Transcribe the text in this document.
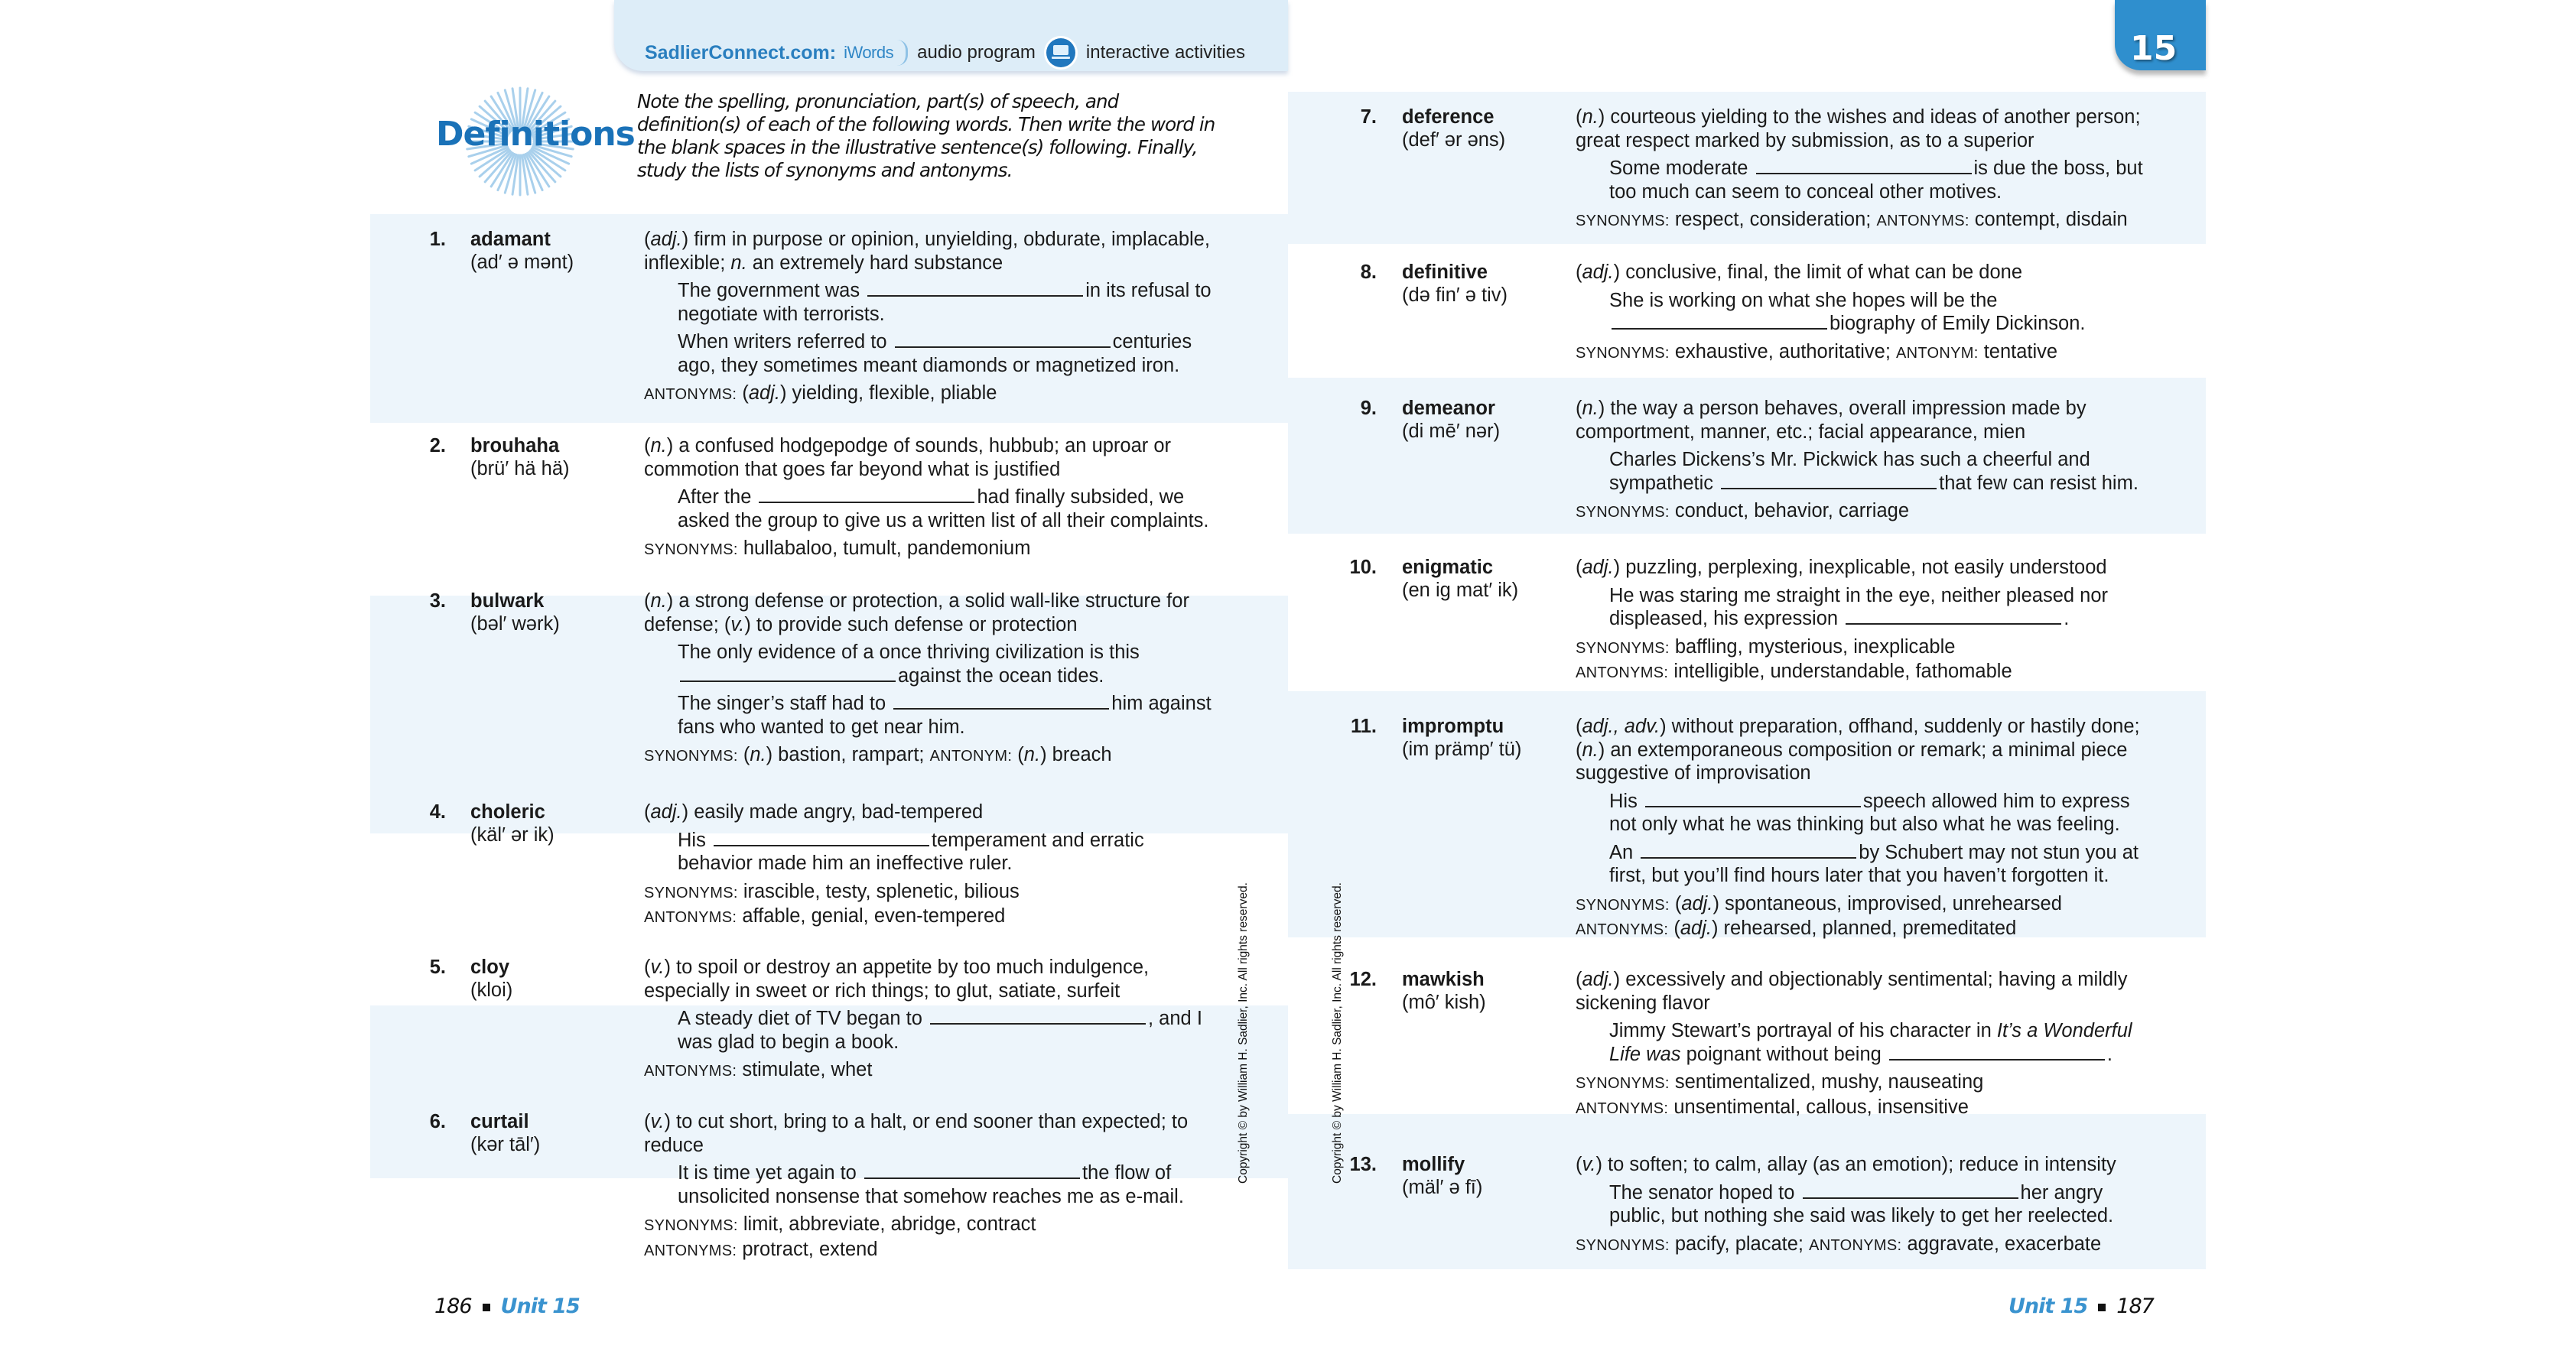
SadlierConnect.com: iWords audio program	interactive activities	15
Definitions
Note the spelling, pronunciation, part(s) of speech, and definition(s) of each of the following words. Then write the word in the blank spaces in the illustrative sentence(s) following. Finally, study the lists of synonyms and antonyms.
1. adamant
(ad′ ə mənt)
(adj.) firm in purpose or opinion, unyielding, obdurate, implacable, inflexible; n. an extremely hard substance
The government was	in its refusal to negotiate with terrorists.
When writers referred to	centuries ago, they sometimes meant diamonds or magnetized iron.
ANTONYMS: (adj.) yielding, flexible, pliable
2. brouhaha
(brü′ hä hä)
(n.) a confused hodgepodge of sounds, hubbub; an uproar or commotion that goes far beyond what is justified
After the	had finally subsided, we asked the group to give us a written list of all their complaints.
SYNONYMS: hullabaloo, tumult, pandemonium
3. bulwark
(bəl′ wərk)
(n.) a strong defense or protection, a solid wall-like structure for defense; (v.) to provide such defense or protection
The only evidence of a once thriving civilization is this against the ocean tides.
The singer’s staff had to	him against fans who wanted to get near him.
SYNONYMS: (n.) bastion, rampart; ANTONYM: (n.) breach
4. choleric
(käl′ ər ik)
(adj.) easily made angry, bad-tempered
His	temperament and erratic behavior made him an ineffective ruler.
SYNONYMS: irascible, testy, splenetic, bilious
ANTONYMS: affable, genial, even-tempered
5. cloy
(kloi)
(v.) to spoil or destroy an appetite by too much indulgence, especially in sweet or rich things; to glut, satiate, surfeit
A steady diet of TV began to	, and I was glad to begin a book.
ANTONYMS: stimulate, whet
6. curtail
(kər tāl′)
(v.) to cut short, bring to a halt, or end sooner than expected; to reduce
It is time yet again to	the flow of unsolicited nonsense that somehow reaches me as e-mail.
SYNONYMS: limit, abbreviate, abridge, contract
ANTONYMS: protract, extend
7. deference
(def′ ər əns)
(n.) courteous yielding to the wishes and ideas of another person; great respect marked by submission, as to a superior
Some moderate	is due the boss, but too much can seem to conceal other motives.
SYNONYMS: respect, consideration; ANTONYMS: contempt, disdain
8. definitive
(də fin′ ə tiv)
(adj.) conclusive, final, the limit of what can be done
She is working on what she hopes will be the biography of Emily Dickinson.
SYNONYMS: exhaustive, authoritative; ANTONYM: tentative
9. demeanor
(di mē′ nər)
(n.) the way a person behaves, overall impression made by comportment, manner, etc.; facial appearance, mien
Charles Dickens’s Mr. Pickwick has such a cheerful and sympathetic	that few can resist him.
SYNONYMS: conduct, behavior, carriage
10. enigmatic
(en ig mat′ ik)
(adj.) puzzling, perplexing, inexplicable, not easily understood
He was staring me straight in the eye, neither pleased nor displeased, his expression	.
SYNONYMS: baffling, mysterious, inexplicable
ANTONYMS: intelligible, understandable, fathomable
11. impromptu
(im prämp′ tü)
(adj., adv.) without preparation, offhand, suddenly or hastily done; (n.) an extemporaneous composition or remark; a minimal piece suggestive of improvisation
His	speech allowed him to express not only what he was thinking but also what he was feeling.
An	by Schubert may not stun you at first, but you’ll find hours later that you haven’t forgotten it.
SYNONYMS: (adj.) spontaneous, improvised, unrehearsed
ANTONYMS: (adj.) rehearsed, planned, premeditated
12. mawkish
(mô′ kish)
(adj.) excessively and objectionably sentimental; having a mildly sickening flavor
Jimmy Stewart’s portrayal of his character in It’s a Wonderful Life was poignant without being	.
SYNONYMS: sentimentalized, mushy, nauseating
ANTONYMS: unsentimental, callous, insensitive
13. mollify
(mäl′ ə fī)
(v.) to soften; to calm, allay (as an emotion); reduce in intensity
The senator hoped to	her angry public, but nothing she said was likely to get her reelected.
SYNONYMS: pacify, placate; ANTONYMS: aggravate, exacerbate
Copyright © by William H. Sadlier, Inc. All rights reserved.	Copyright © by William H. Sadlier, Inc. All rights reserved.
186 Unit 15	Unit 15 187
